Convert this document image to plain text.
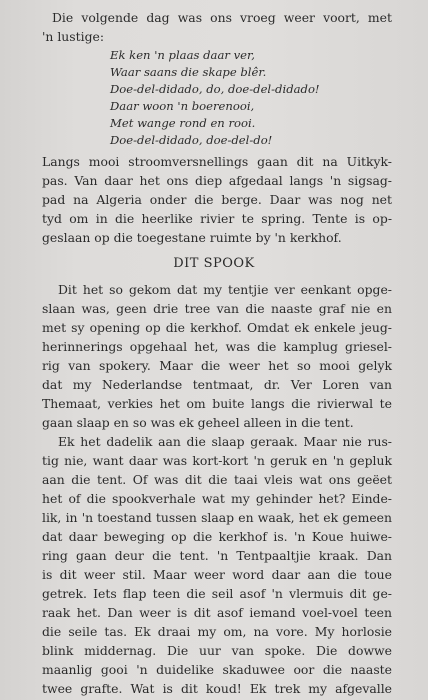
Die volgende dag was ons vroeg weer voort, met
'n lustige:
Ek ken 'n plaas daar ver,
Waar saans die skape blêr.
Doe-del-didado, do, doe-del-didado!
Daar woon 'n boerenooi,
Met wange rond en rooi.
Doe-del-didado, doe-del-do!
Langs mooi stroomversnellings gaan dit na Uitkyk-
pas. Van daar het ons diep afgedaal langs 'n sigsag-
pad na Algeria onder die berge. Daar was nog net
tyd om in die heerlike rivier te spring. Tente is op-
geslaan op die toegestane ruimte by 'n kerkhof.
DIT SPOOK
Dit het so gekom dat my tentjie ver eenkant opge-
slaan was, geen drie tree van die naaste graf nie en
met sy opening op die kerkhof. Omdat ek enkele jeug-
herinnerings opgehaal het, was die kamplug griesel-
rig van spokery. Maar die weer het so mooi gelyk
dat my Nederlandse tentmaat, dr. Ver Loren van
Themaat, verkies het om buite langs die rivierwal te
gaan slaap en so was ek geheel alleen in die tent.
Ek het dadelik aan die slaap geraak. Maar nie rus-
tig nie, want daar was kort-kort 'n geruk en 'n gepluk
aan die tent. Of was dit die taai vleis wat ons geëet
het of die spookverhale wat my gehinder het? Einde-
lik, in 'n toestand tussen slaap en waak, het ek gemeen
dat daar beweging op die kerkhof is. 'n Koue huiwe-
ring gaan deur die tent. 'n Tentpaaltjie kraak. Dan
is dit weer stil. Maar weer word daar aan die toue
getrek. Iets flap teen die seil asof 'n vlermuis dit ge-
raak het. Dan weer is dit asof iemand voel-voel teen
die seile tas. Ek draai my om, na vore. My horlosie
blink middernag. Die uur van spoke. Die dowwe
maanlig gooi 'n duidelike skaduwee oor die naaste
twee grafte. Wat is dit koud! Ek trek my afgevalle
